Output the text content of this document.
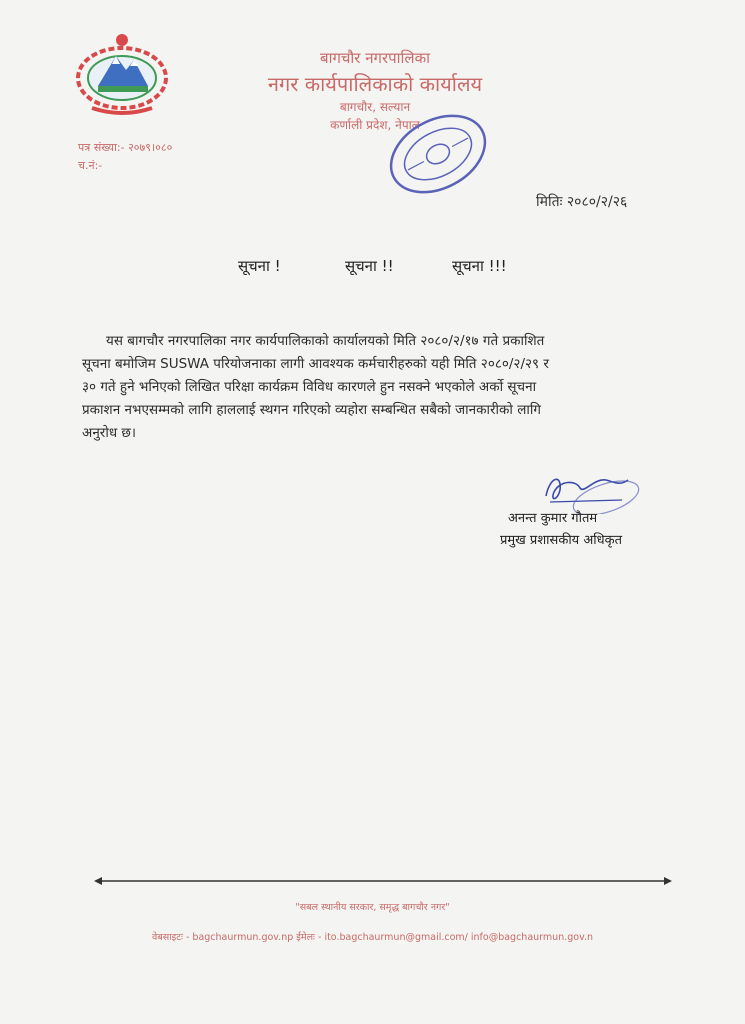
बागचौर नगरपालिका
नगर कार्यपालिकाको कार्यालय
बागचौर, सल्यान
कर्णाली प्रदेश, नेपाल
पत्र संख्या:- २०७९।०८०
च.नं:-
मितिः २०८०/२/२६
सूचना !	सूचना !!	सूचना !!!
यस बागचौर नगरपालिका नगर कार्यपालिकाको कार्यालयको मिति २०८०/२/१७ गते प्रकाशित
सूचना बमोजिम SUSWA परियोजनाका लागी आवश्यक कर्मचारीहरुको यही मिति २०८०/२/२९ र
३० गते हुने भनिएको लिखित परिक्षा कार्यक्रम विविध कारणले हुन नसक्ने भएकोले अर्को सूचना
प्रकाशन नभएसम्मको लागि हाललाई स्थगन गरिएको व्यहोरा सम्बन्धित सबैको जानकारीको लागि
अनुरोध छ।
अनन्त कुमार गौतम
प्रमुख प्रशासकीय अधिकृत
"सबल स्थानीय सरकार, समृद्ध बागचौर नगर"
वेबसाइटः - bagchaurmun.gov.np ईमेलः - ito.bagchaurmun@gmail.com/ info@bagchaurmun.gov.n
